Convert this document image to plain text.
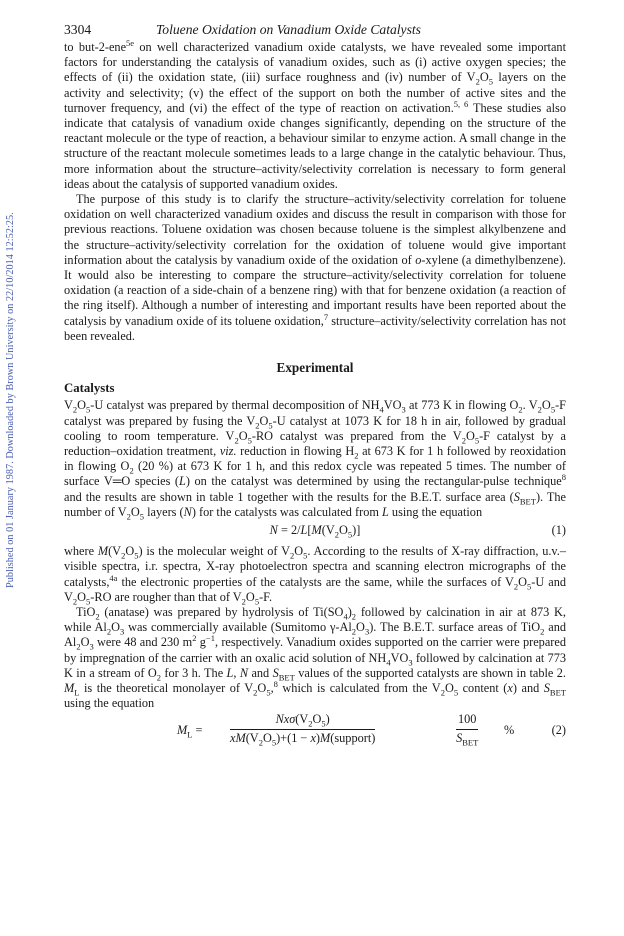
Published on 01 January 1987. Downloaded by Brown University on 22/10/2014 12:52:25.
3304	Toluene Oxidation on Vanadium Oxide Catalysts

to but-2-ene$^{5e}$ on well characterized vanadium oxide catalysts, we have revealed some important factors for understanding the catalysis of vanadium oxides, such as (i) active oxygen species; the effects of (ii) the oxidation state, (iii) surface roughness and (iv) number of $V_2O_5$ layers on the activity and selectivity; (v) the effect of the support on both the number of active sites and the turnover frequency, and (vi) the effect of the type of reaction on activation.$^{5, 6}$ These studies also indicate that catalysis of vanadium oxide changes significantly, depending on the structure of the reactant molecule or the type of reaction, a behaviour similar to enzyme action. A small change in the structure of the reactant molecule sometimes leads to a large change in the catalytic behaviour. Thus, more information about the structure–activity/selectivity correlation is necessary to form general ideas about the catalysis of supported vanadium oxides.

The purpose of this study is to clarify the structure–activity/selectivity correlation for toluene oxidation on well characterized vanadium oxides and discuss the result in comparison with those for previous reactions. Toluene oxidation was chosen because toluene is the simplest alkylbenzene and the structure–activity/selectivity correlation for the oxidation of toluene would give important information about the catalysis by vanadium oxide of the oxidation of o-xylene (a dimethylbenzene). It would also be interesting to compare the structure–activity/selectivity correlation for toluene oxidation (a reaction of a side-chain of a benzene ring) with that for benzene oxidation (a reaction of the ring itself). Although a number of interesting and important results have been reported about the catalysis by vanadium oxide of its toluene oxidation,$^7$ structure–activity/selectivity correlation has not been revealed.

Experimental
Catalysts

$V_2O_5-U$ catalyst was prepared by thermal decomposition of $NH_4VO_3$ at 773 K in flowing $O_2$. $V_2O_5-F$ catalyst was prepared by fusing the $V_2O_5-U$ catalyst at 1073 K for 18 h in air, followed by gradual cooling to room temperature. $V_2O_5-RO$ catalyst was prepared from the $V_2O_5-F$ catalyst by a reduction–oxidation treatment, viz. reduction in flowing $H_2$ at 673 K for 1 h followed by reoxidation in flowing $O_2$ (20 %) at 673 K for 1 h, and this redox cycle was repeated 5 times. The number of surface V═O species (L) on the catalyst was determined by using the rectangular-pulse technique$^8$ and the results are shown in table 1 together with the results for the B.E.T. surface area $(S_{BET})$. The number of $V_2O_5$ layers (N) for the catalysts was calculated from L using the equation

$N = 2/L[M(V_2O_5)]$	(1)

where $M(V_2O_5)$ is the molecular weight of $V_2O_5$. According to the results of X-ray diffraction, u.v.–visible spectra, i.r. spectra, X-ray photoelectron spectra and scanning electron micrographs of the catalysts,$^{4a}$ the electronic properties of the catalysts are the same, while the surfaces of $V_2O_5-U$ and $V_2O_5-RO$ are rougher than that of $V_2O_5-F$.

TiO$_2$ (anatase) was prepared by hydrolysis of $Ti(SO_4)_2$ followed by calcination in air at 873 K, while $Al_2O_3$ was commercially available (Sumitomo $\gamma-Al_2O_3$). The B.E.T. surface areas of TiO$_2$ and $Al_2O_3$ were 48 and 230 $m^2$ $g^{-1}$, respectively. Vanadium oxides supported on the carrier were prepared by impregnation of the carrier with an oxalic acid solution of $NH_4VO_3$ followed by calcination at 773 K in a stream of $O_2$ for 3 h. The L, N and $S_{BET}$ values of the supported catalysts are shown in table 2. $M_L$ is the theoretical monolayer of $V_2O_5,^8$ which is calculated from the $V_2O_5$ content (x) and $S_{BET}$ using the equation

$M_L$ =
$Nx\sigma(V_2O_5)$
$xM(V_2O_5)+(1$ − x)M(support)
100
$S_{BET}$
%	(2)
